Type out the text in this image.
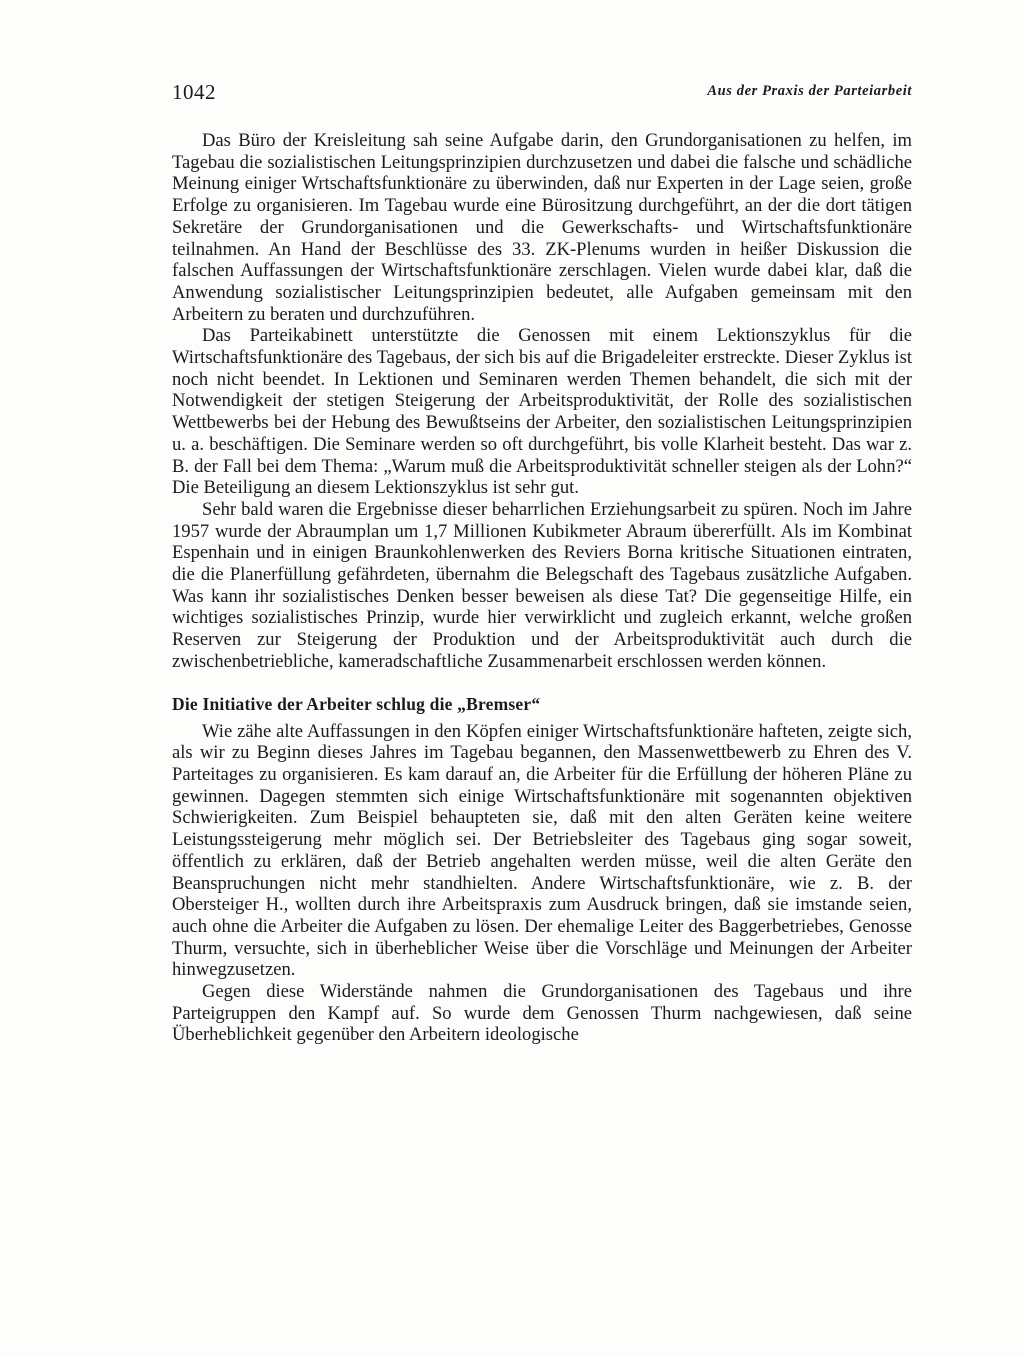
1042	Aus der Praxis der Parteiarbeit

Das Büro der Kreisleitung sah seine Aufgabe darin, den Grundorganisationen zu helfen, im Tagebau die sozialistischen Leitungsprinzipien durchzusetzen und dabei die falsche und schädliche Meinung einiger Wrtschaftsfunktionäre zu überwinden, daß nur Experten in der Lage seien, große Erfolge zu organisieren. Im Tagebau wurde eine Bürositzung durchgeführt, an der die dort tätigen Sekretäre der Grundorganisationen und die Gewerkschafts- und Wirtschaftsfunktionäre teilnahmen. An Hand der Beschlüsse des 33. ZK-Plenums wurden in heißer Diskussion die falschen Auffassungen der Wirtschaftsfunktionäre zerschlagen. Vielen wurde dabei klar, daß die Anwendung sozialistischer Leitungsprinzipien bedeutet, alle Aufgaben gemeinsam mit den Arbeitern zu beraten und durchzuführen.

Das Parteikabinett unterstützte die Genossen mit einem Lektionszyklus für die Wirtschaftsfunktionäre des Tagebaus, der sich bis auf die Brigadeleiter erstreckte. Dieser Zyklus ist noch nicht beendet. In Lektionen und Seminaren werden Themen behandelt, die sich mit der Notwendigkeit der stetigen Steigerung der Arbeitsproduktivität, der Rolle des sozialistischen Wettbewerbs bei der Hebung des Bewußtseins der Arbeiter, den sozialistischen Leitungsprinzipien u. a. beschäftigen. Die Seminare werden so oft durchgeführt, bis volle Klarheit besteht. Das war z. B. der Fall bei dem Thema: „Warum muß die Arbeitsproduktivität schneller steigen als der Lohn?“ Die Beteiligung an diesem Lektionszyklus ist sehr gut.

Sehr bald waren die Ergebnisse dieser beharrlichen Erziehungsarbeit zu spüren. Noch im Jahre 1957 wurde der Abraumplan um 1,7 Millionen Kubikmeter Abraum übererfüllt. Als im Kombinat Espenhain und in einigen Braunkohlenwerken des Reviers Borna kritische Situationen eintraten, die die Planerfüllung gefährdeten, übernahm die Belegschaft des Tagebaus zusätzliche Aufgaben. Was kann ihr sozialistisches Denken besser beweisen als diese Tat? Die gegenseitige Hilfe, ein wichtiges sozialistisches Prinzip, wurde hier verwirklicht und zugleich erkannt, welche großen Reserven zur Steigerung der Produktion und der Arbeitsproduktivität auch durch die zwischenbetriebliche, kameradschaftliche Zusammenarbeit erschlossen werden können.

Die Initiative der Arbeiter schlug die „Bremser“

Wie zähe alte Auffassungen in den Köpfen einiger Wirtschaftsfunktionäre hafteten, zeigte sich, als wir zu Beginn dieses Jahres im Tagebau begannen, den Massenwettbewerb zu Ehren des V. Parteitages zu organisieren. Es kam darauf an, die Arbeiter für die Erfüllung der höheren Pläne zu gewinnen. Dagegen stemmten sich einige Wirtschaftsfunktionäre mit sogenannten objektiven Schwierigkeiten. Zum Beispiel behaupteten sie, daß mit den alten Geräten keine weitere Leistungssteigerung mehr möglich sei. Der Betriebsleiter des Tagebaus ging sogar soweit, öffentlich zu erklären, daß der Betrieb angehalten werden müsse, weil die alten Geräte den Beanspruchungen nicht mehr standhielten. Andere Wirtschaftsfunktionäre, wie z. B. der Obersteiger H., wollten durch ihre Arbeitspraxis zum Ausdruck bringen, daß sie imstande seien, auch ohne die Arbeiter die Aufgaben zu lösen. Der ehemalige Leiter des Baggerbetriebes, Genosse Thurm, versuchte, sich in überheblicher Weise über die Vorschläge und Meinungen der Arbeiter hinwegzusetzen.

Gegen diese Widerstände nahmen die Grundorganisationen des Tagebaus und ihre Parteigruppen den Kampf auf. So wurde dem Genossen Thurm nachgewiesen, daß seine Überheblichkeit gegenüber den Arbeitern ideologische
